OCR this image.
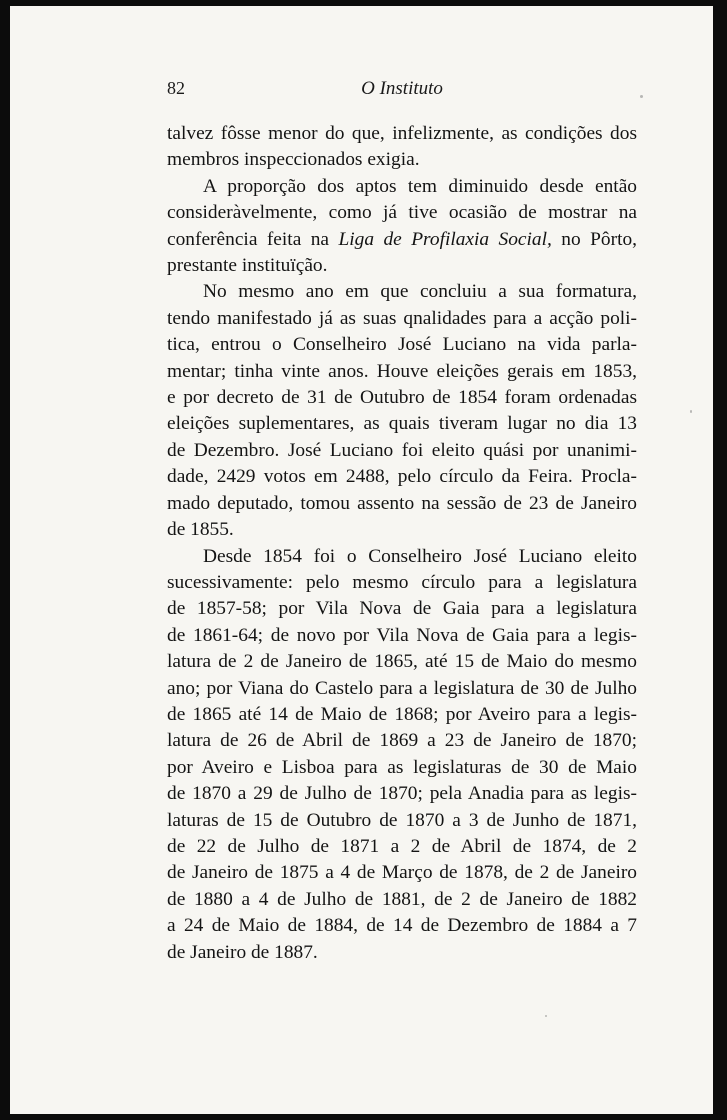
82	O Instituto
talvez fôsse menor do que, infelizmente, as condições dos
membros inspeccionados exigia.
A proporção dos aptos tem diminuido desde então
consideràvelmente, como já tive ocasião de mostrar na
conferência feita na Liga de Profilaxia Social, no Pôrto,
prestante instituïção.
No mesmo ano em que concluiu a sua formatura,
tendo manifestado já as suas qnalidades para a acção poli-
tica, entrou o Conselheiro José Luciano na vida parla-
mentar; tinha vinte anos. Houve eleições gerais em 1853,
e por decreto de 31 de Outubro de 1854 foram ordenadas
eleições suplementares, as quais tiveram lugar no dia 13
de Dezembro. José Luciano foi eleito quási por unanimi-
dade, 2429 votos em 2488, pelo círculo da Feira. Procla-
mado deputado, tomou assento na sessão de 23 de Janeiro
de 1855.
Desde 1854 foi o Conselheiro José Luciano eleito
sucessivamente: pelo mesmo círculo para a legislatura
de 1857-58; por Vila Nova de Gaia para a legislatura
de 1861-64; de novo por Vila Nova de Gaia para a legis-
latura de 2 de Janeiro de 1865, até 15 de Maio do mesmo
ano; por Viana do Castelo para a legislatura de 30 de Julho
de 1865 até 14 de Maio de 1868; por Aveiro para a legis-
latura de 26 de Abril de 1869 a 23 de Janeiro de 1870;
por Aveiro e Lisboa para as legislaturas de 30 de Maio
de 1870 a 29 de Julho de 1870; pela Anadia para as legis-
laturas de 15 de Outubro de 1870 a 3 de Junho de 1871,
de 22 de Julho de 1871 a 2 de Abril de 1874, de 2
de Janeiro de 1875 a 4 de Março de 1878, de 2 de Janeiro
de 1880 a 4 de Julho de 1881, de 2 de Janeiro de 1882
a 24 de Maio de 1884, de 14 de Dezembro de 1884 a 7
de Janeiro de 1887.
